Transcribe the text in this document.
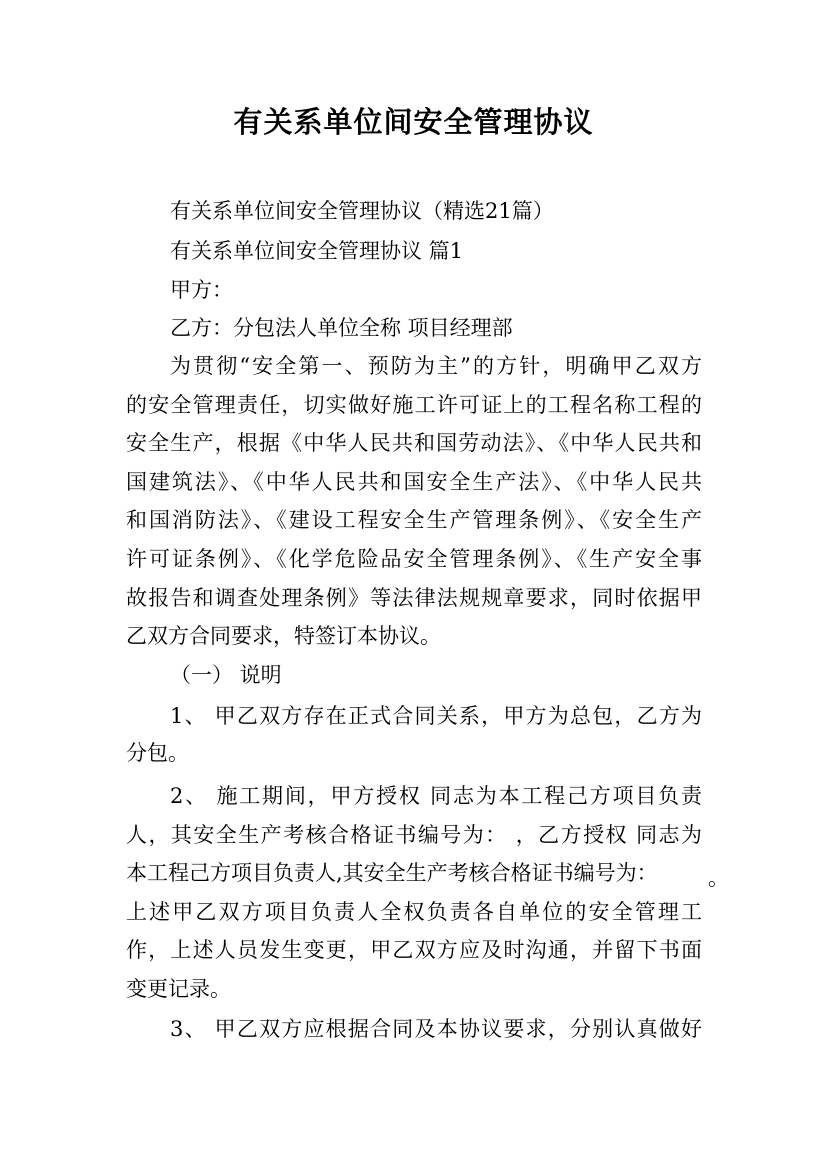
有关系单位间安全管理协议
有关系单位间安全管理协议（精选21篇）
有关系单位间安全管理协议 篇1
甲方：
乙方：分包法人单位全称 项目经理部
为贯彻“安全第一、预防为主”的方针，明确甲乙双方
的安全管理责任，切实做好施工许可证上的工程名称工程的
安全生产，根据《中华人民共和国劳动法》、《中华人民共和
国建筑法》、《中华人民共和国安全生产法》、《中华人民共
和国消防法》、《建设工程安全生产管理条例》、《安全生产
许可证条例》、《化学危险品安全管理条例》、《生产安全事
故报告和调查处理条例》等法律法规规章要求，同时依据甲
乙双方合同要求，特签订本协议。
（一） 说明
1、 甲乙双方存在正式合同关系，甲方为总包，乙方为
分包。
2、 施工期间，甲方授权 同志为本工程己方项目负责
人，其安全生产考核合格证书编号为： ，乙方授权 同志为
本工程己方项目负责人,其安全生产考核合格证书编号为：	。
上述甲乙双方项目负责人全权负责各自单位的安全管理工
作，上述人员发生变更，甲乙双方应及时沟通，并留下书面
变更记录。
3、 甲乙双方应根据合同及本协议要求，分别认真做好
